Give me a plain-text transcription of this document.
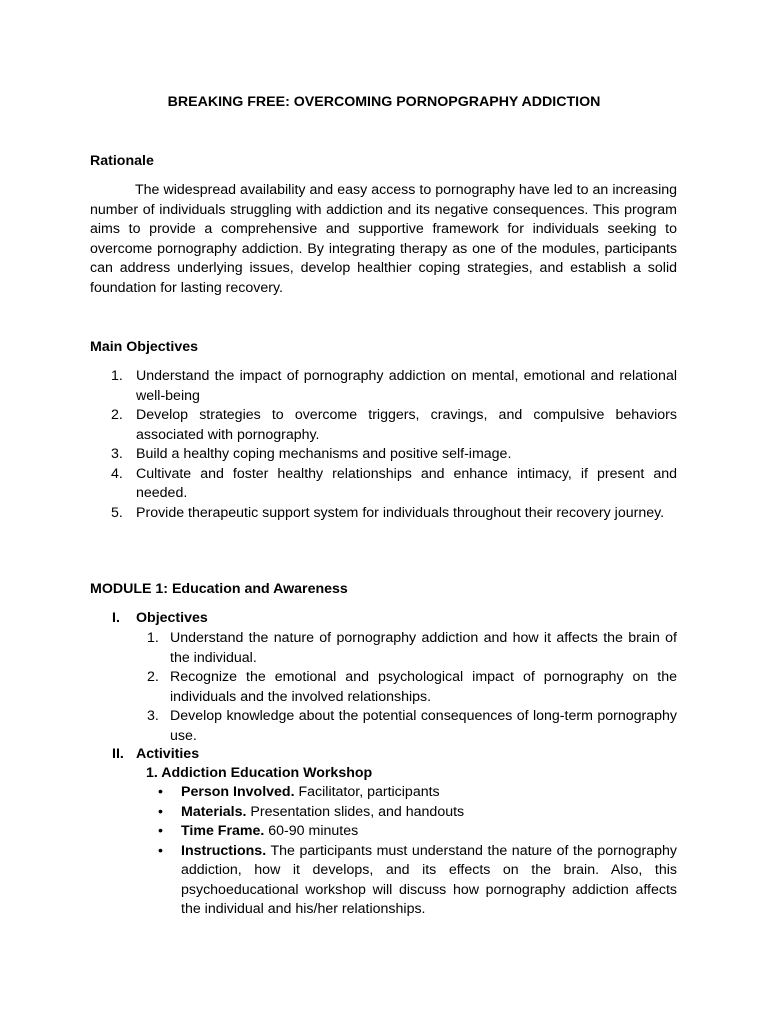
BREAKING FREE: OVERCOMING PORNOPGRAPHY ADDICTION
Rationale

The widespread availability and easy access to pornography have led to an increasing number of individuals struggling with addiction and its negative consequences. This program aims to provide a comprehensive and supportive framework for individuals seeking to overcome pornography addiction. By integrating therapy as one of the modules, participants can address underlying issues, develop healthier coping strategies, and establish a solid foundation for lasting recovery.

Main Objectives
1. Understand the impact of pornography addiction on mental, emotional and relational well-being
2. Develop strategies to overcome triggers, cravings, and compulsive behaviors associated with pornography.
3. Build a healthy coping mechanisms and positive self-image.
4. Cultivate and foster healthy relationships and enhance intimacy, if present and needed.
5. Provide therapeutic support system for individuals throughout their recovery journey.
MODULE 1: Education and Awareness
I. Objectives
1. Understand the nature of pornography addiction and how it affects the brain of the individual.
2. Recognize the emotional and psychological impact of pornography on the individuals and the involved relationships.
3. Develop knowledge about the potential consequences of long-term pornography use.
II. Activities
1. Addiction Education Workshop
• Person Involved. Facilitator, participants
• Materials. Presentation slides, and handouts
• Time Frame. 60-90 minutes
• Instructions. The participants must understand the nature of the pornography addiction, how it develops, and its effects on the brain. Also, this psychoeducational workshop will discuss how pornography addiction affects the individual and his/her relationships.
